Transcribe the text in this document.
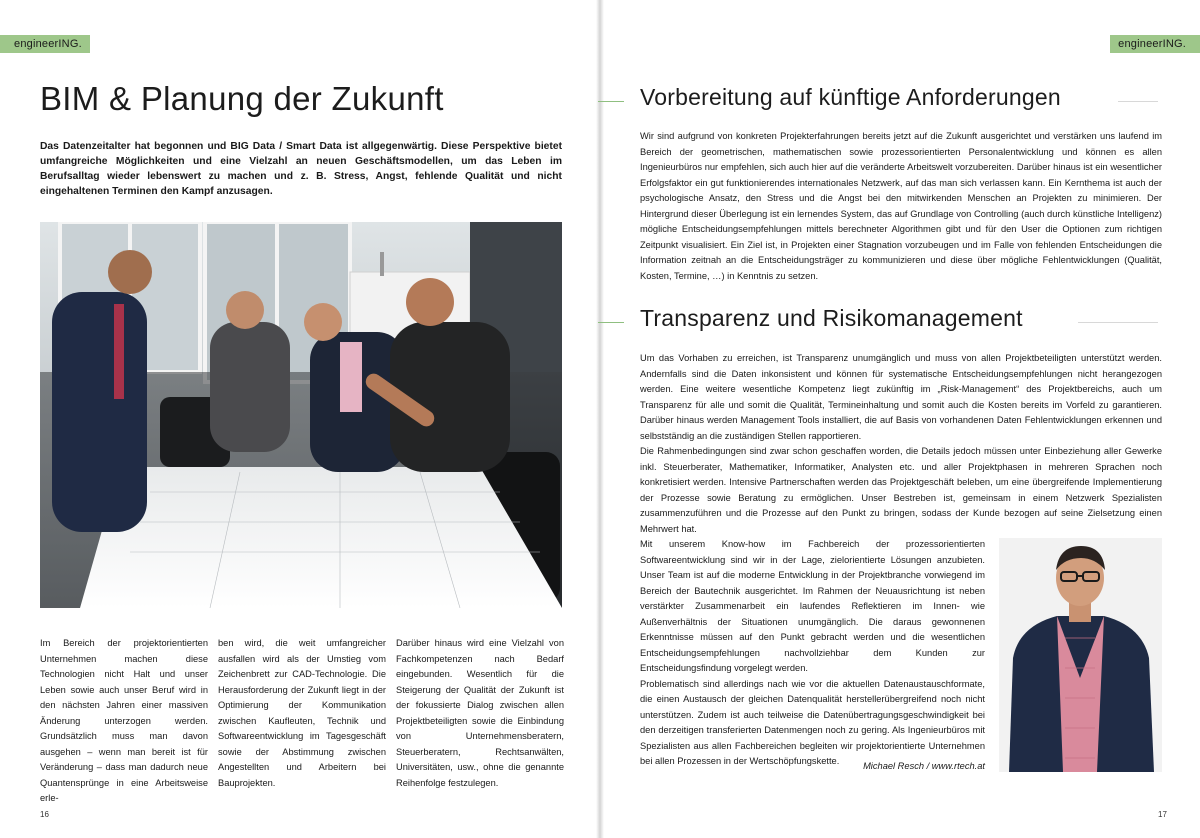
engineerING.
BIM & Planung der Zukunft

Das Datenzeitalter hat begonnen und BIG Data / Smart Data ist allgegenwärtig. Diese Perspektive bietet umfangreiche Möglichkeiten und eine Vielzahl an neuen Geschäftsmodellen, um das Leben im Berufsalltag wieder lebenswert zu machen und z. B. Stress, Angst, fehlende Qualität und nicht eingehaltenen Terminen den Kampf anzusagen.

Im Bereich der projektorientierten Unternehmen machen diese Technologien nicht Halt und unser Leben sowie auch unser Beruf wird in den nächsten Jahren einer massiven Änderung unterzogen werden. Grundsätzlich muss man davon ausgehen – wenn man bereit ist für Veränderung – dass man dadurch neue Quantensprünge in eine Arbeitsweise erle-

ben wird, die weit umfangreicher ausfallen wird als der Umstieg vom Zeichenbrett zur CAD-Technologie. Die Herausforderung der Zukunft liegt in der Optimierung der Kommunikation zwischen Kaufleuten, Technik und Softwareentwicklung im Tagesgeschäft sowie der Abstimmung zwischen Angestellten und Arbeitern bei Bauprojekten.

Darüber hinaus wird eine Vielzahl von Fachkompetenzen nach Bedarf eingebunden. Wesentlich für die Steigerung der Qualität der Zukunft ist der fokussierte Dialog zwischen allen Projektbeteiligten sowie die Einbindung von Unternehmensberatern, Steuerberatern, Rechtsanwälten, Universitäten, usw., ohne die genannte Reihenfolge festzulegen.

16
engineerING.
Vorbereitung auf künftige Anforderungen

Wir sind aufgrund von konkreten Projekterfahrungen bereits jetzt auf die Zukunft ausgerichtet und verstärken uns laufend im Bereich der geometrischen, mathematischen sowie prozessorientierten Personalentwicklung und können es allen Ingenieurbüros nur empfehlen, sich auch hier auf die veränderte Arbeitswelt vorzubereiten. Darüber hinaus ist ein wesentlicher Erfolgsfaktor ein gut funktionierendes internationales Netzwerk, auf das man sich verlassen kann. Ein Kernthema ist auch der psychologische Ansatz, den Stress und die Angst bei den mitwirkenden Menschen an Projekten zu minimieren. Der Hintergrund dieser Überlegung ist ein lernendes System, das auf Grundlage von Controlling (auch durch künstliche Intelligenz) mögliche Entscheidungsempfehlungen mittels berechneter Algorithmen gibt und für den User die Optionen zum richtigen Zeitpunkt visualisiert. Ein Ziel ist, in Projekten einer Stagnation vorzubeugen und im Falle von fehlenden Entscheidungen die Information zeitnah an die Entscheidungsträger zu kommunizieren und diese über mögliche Fehlentwicklungen (Qualität, Kosten, Termine, …) in Kenntnis zu setzen.

Transparenz und Risikomanagement

Um das Vorhaben zu erreichen, ist Transparenz unumgänglich und muss von allen Projektbeteiligten unterstützt werden. Andernfalls sind die Daten inkonsistent und können für systematische Entscheidungsempfehlungen nicht herangezogen werden. Eine weitere wesentliche Kompetenz liegt zukünftig im „Risk-Management“ des Projektbereichs, auch um Transparenz für alle und somit die Qualität, Termineinhaltung und somit auch die Kosten bereits im Vorfeld zu garantieren. Darüber hinaus werden Management Tools installiert, die auf Basis von vorhandenen Daten Fehlentwicklungen erkennen und selbstständig an die zuständigen Stellen rapportieren.

Die Rahmenbedingungen sind zwar schon geschaffen worden, die Details jedoch müssen unter Einbeziehung aller Gewerke inkl. Steuerberater, Mathematiker, Informatiker, Analysten etc. und aller Projektphasen in mehreren Sprachen noch konkretisiert werden. Intensive Partnerschaften werden das Projektgeschäft beleben, um eine übergreifende Implementierung der Prozesse sowie Beratung zu ermöglichen. Unser Bestreben ist, gemeinsam in einem Netzwerk Spezialisten zusammenzuführen und die Prozesse auf den Punkt zu bringen, sodass der Kunde bezogen auf seine Zielsetzung einen Mehrwert hat.

Mit unserem Know-how im Fachbereich der prozessorientierten Softwareentwicklung sind wir in der Lage, zielorientierte Lösungen anzubieten. Unser Team ist auf die moderne Entwicklung in der Projektbranche vorwiegend im Bereich der Bautechnik ausgerichtet. Im Rahmen der Neuausrichtung ist neben verstärkter Zusammenarbeit ein laufendes Reflektieren im Innen- wie Außenverhältnis der Situationen unumgänglich. Die daraus gewonnenen Erkenntnisse müssen auf den Punkt gebracht werden und die wesentlichen Entscheidungsempfehlungen nachvollziehbar dem Kunden zur Entscheidungsfindung vorgelegt werden.

Problematisch sind allerdings nach wie vor die aktuellen Datenaustauschformate, die einen Austausch der gleichen Datenqualität herstellerübergreifend noch nicht unterstützen. Zudem ist auch teilweise die Datenübertragungsgeschwindigkeit bei den derzeitigen transferierten Datenmengen noch zu gering. Als Ingenieurbüros mit Spezialisten aus allen Fachbereichen begleiten wir projektorientierte Unternehmen bei allen Prozessen in der Wertschöpfungskette.	Michael Resch / www.rtech.at
17
